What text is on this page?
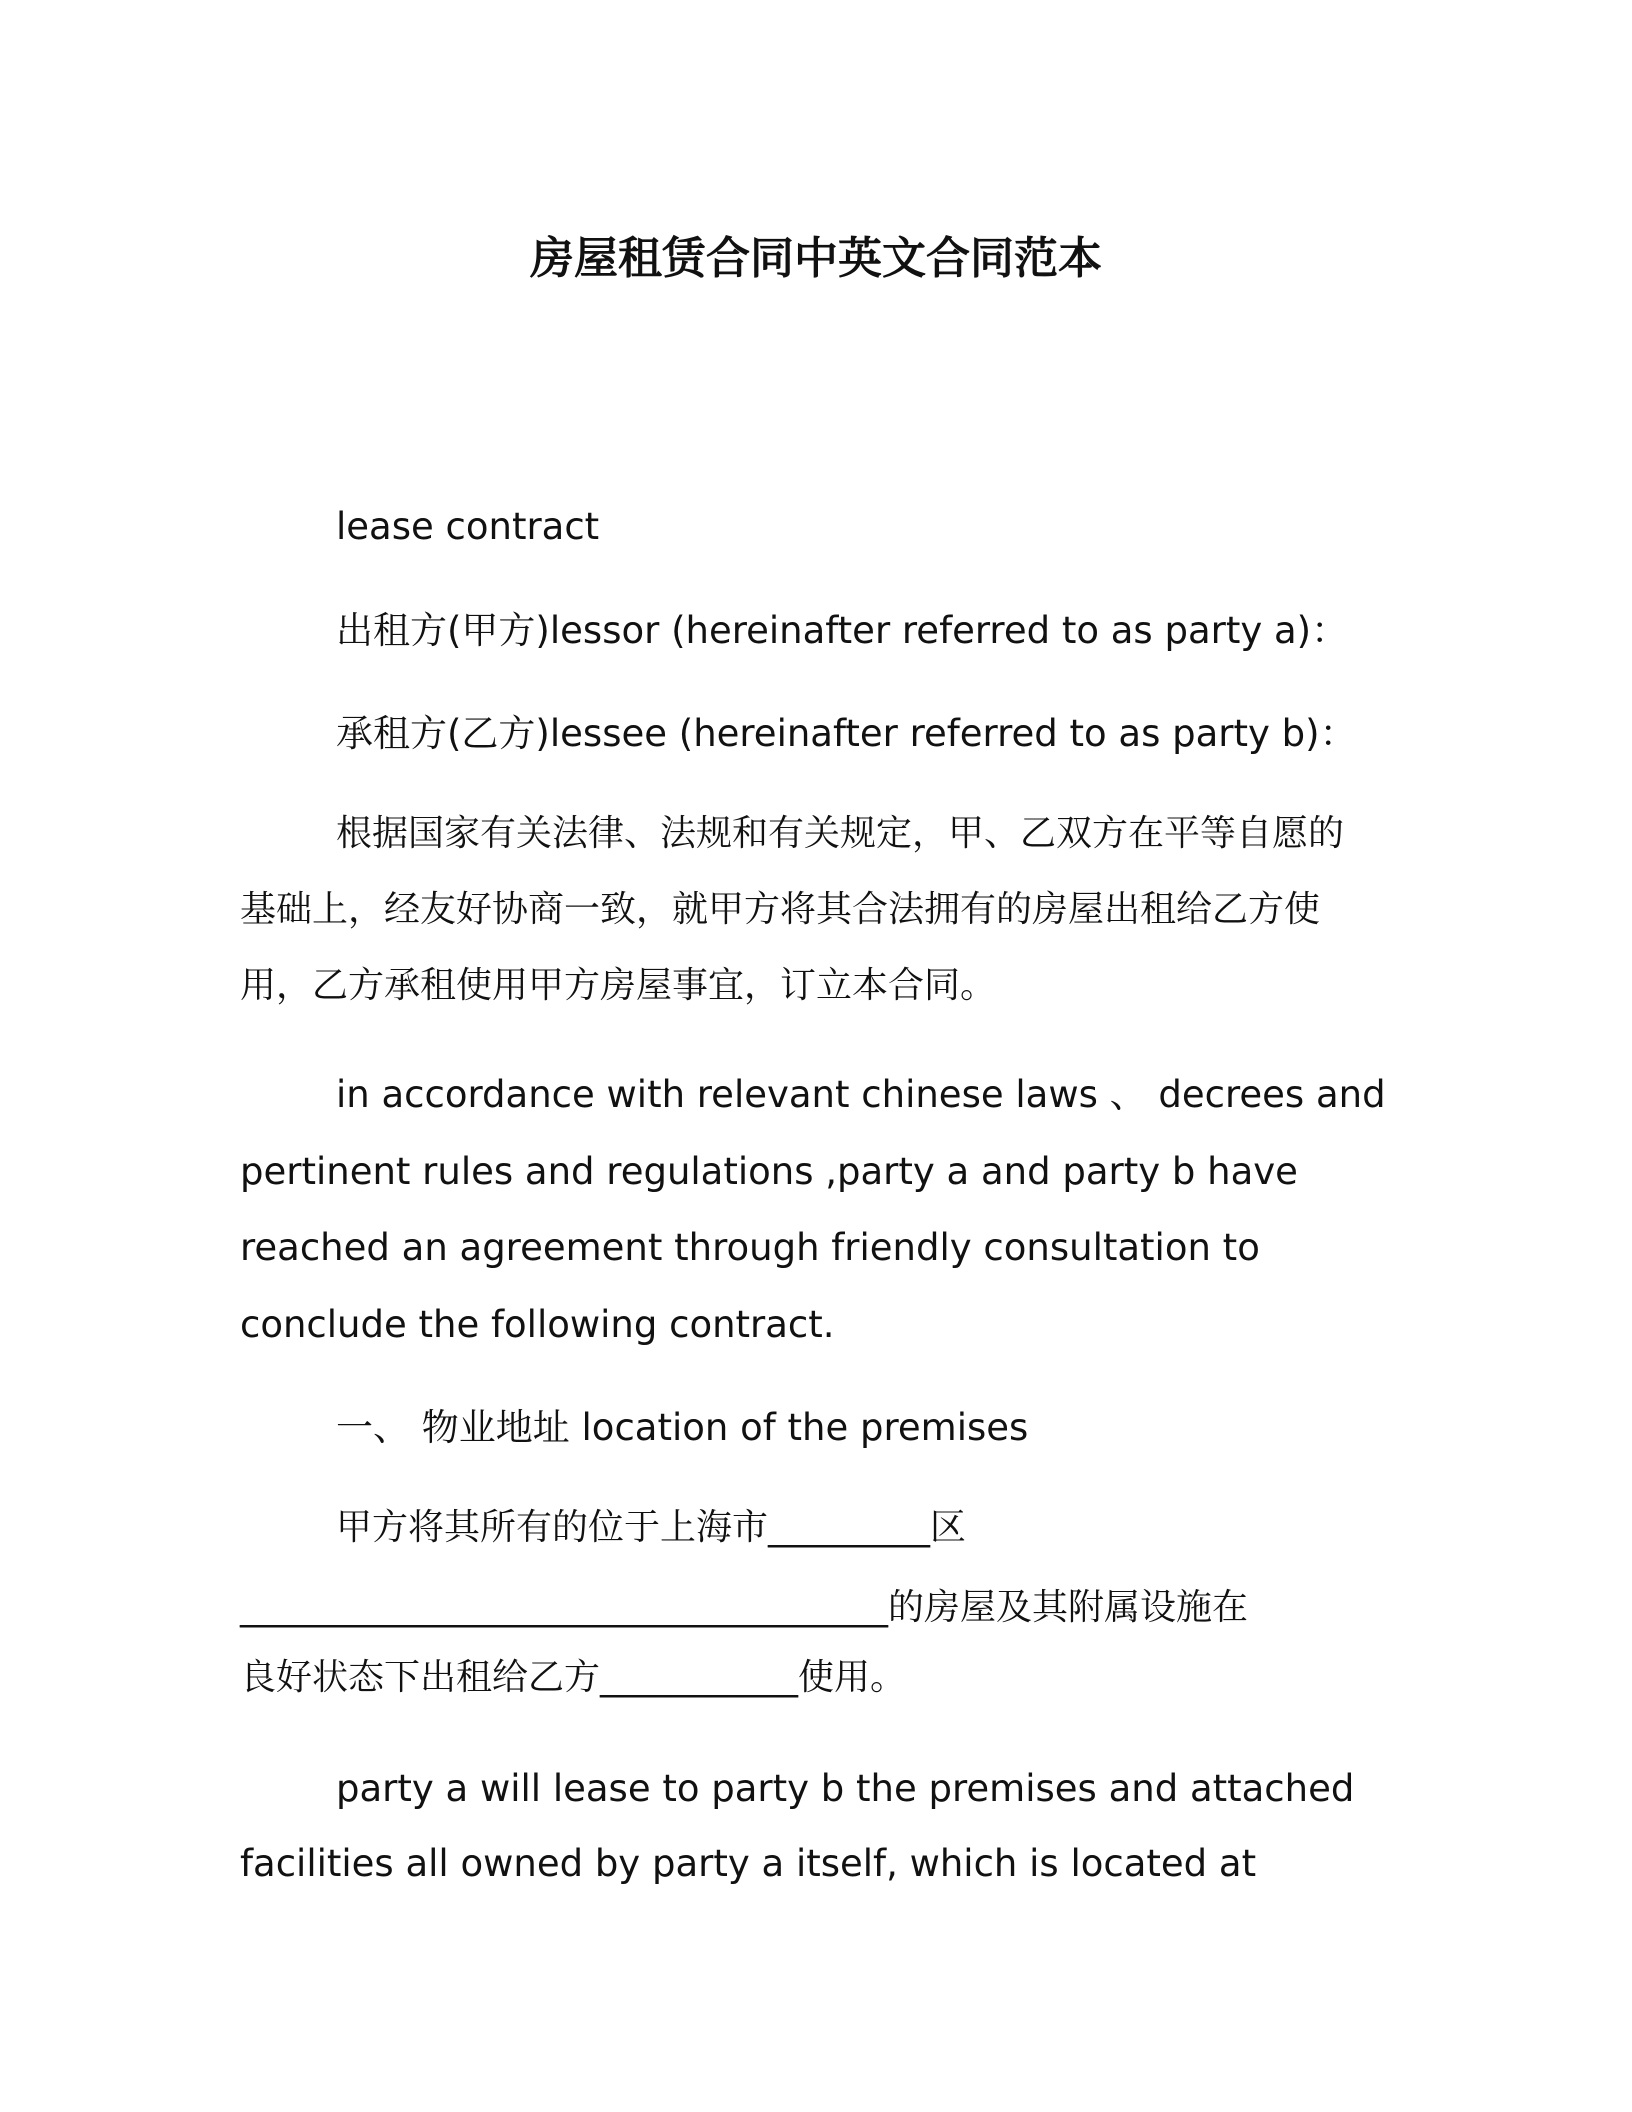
房屋租赁合同中英文合同范本
lease contract
出租方(甲方)lessor (hereinafter referred to as party a)：
承租方(乙方)lessee (hereinafter referred to as party b)：
根据国家有关法律、法规和有关规定，甲、乙双方在平等自愿的
基础上，经友好协商一致，就甲方将其合法拥有的房屋出租给乙方使
用，乙方承租使用甲方房屋事宜，订立本合同。
in accordance with relevant chinese laws 、 decrees and
pertinent rules and regulations ,party a and party b have
reached an agreement through friendly consultation to
conclude the following contract.
一、 物业地址 location of the premises
甲方将其所有的位于上海市_________区
____________________________________的房屋及其附属设施在
良好状态下出租给乙方___________使用。
party a will lease to party b the premises and attached
facilities all owned by party a itself, which is located at
